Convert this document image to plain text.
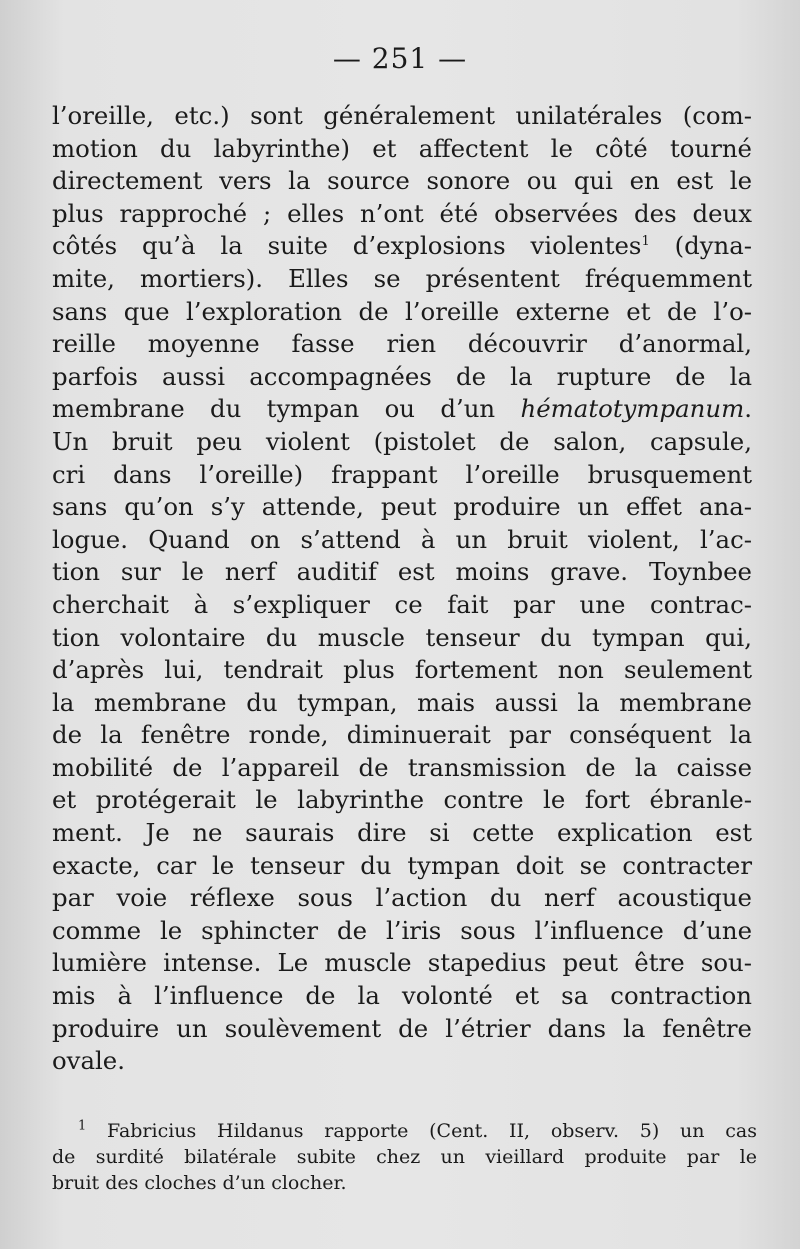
— 251 —
l’oreille, etc.) sont généralement unilatérales (com-
motion du labyrinthe) et affectent le côté tourné
directement vers la source sonore ou qui en est le
plus rapproché ; elles n’ont été observées des deux
côtés qu’à la suite d’explosions violentes$^1$ (dyna-
mite, mortiers). Elles se présentent fréquemment
sans que l’exploration de l’oreille externe et de l’o-
reille moyenne fasse rien découvrir d’anormal,
parfois aussi accompagnées de la rupture de la
membrane du tympan ou d’un hématotympanum.
Un bruit peu violent (pistolet de salon, capsule,
cri dans l’oreille) frappant l’oreille brusquement
sans qu’on s’y attende, peut produire un effet ana-
logue. Quand on s’attend à un bruit violent, l’ac-
tion sur le nerf auditif est moins grave. Toynbee
cherchait à s’expliquer ce fait par une contrac-
tion volontaire du muscle tenseur du tympan qui,
d’après lui, tendrait plus fortement non seulement
la membrane du tympan, mais aussi la membrane
de la fenêtre ronde, diminuerait par conséquent la
mobilité de l’appareil de transmission de la caisse
et protégerait le labyrinthe contre le fort ébranle-
ment. Je ne saurais dire si cette explication est
exacte, car le tenseur du tympan doit se contracter
par voie réflexe sous l’action du nerf acoustique
comme le sphincter de l’iris sous l’influence d’une
lumière intense. Le muscle stapedius peut être sou-
mis à l’influence de la volonté et sa contraction
produire un soulèvement de l’étrier dans la fenêtre
ovale.
$^1$ Fabricius Hildanus rapporte (Cent. II, observ. 5) un cas
de surdité bilatérale subite chez un vieillard produite par le
bruit des cloches d’un clocher.
